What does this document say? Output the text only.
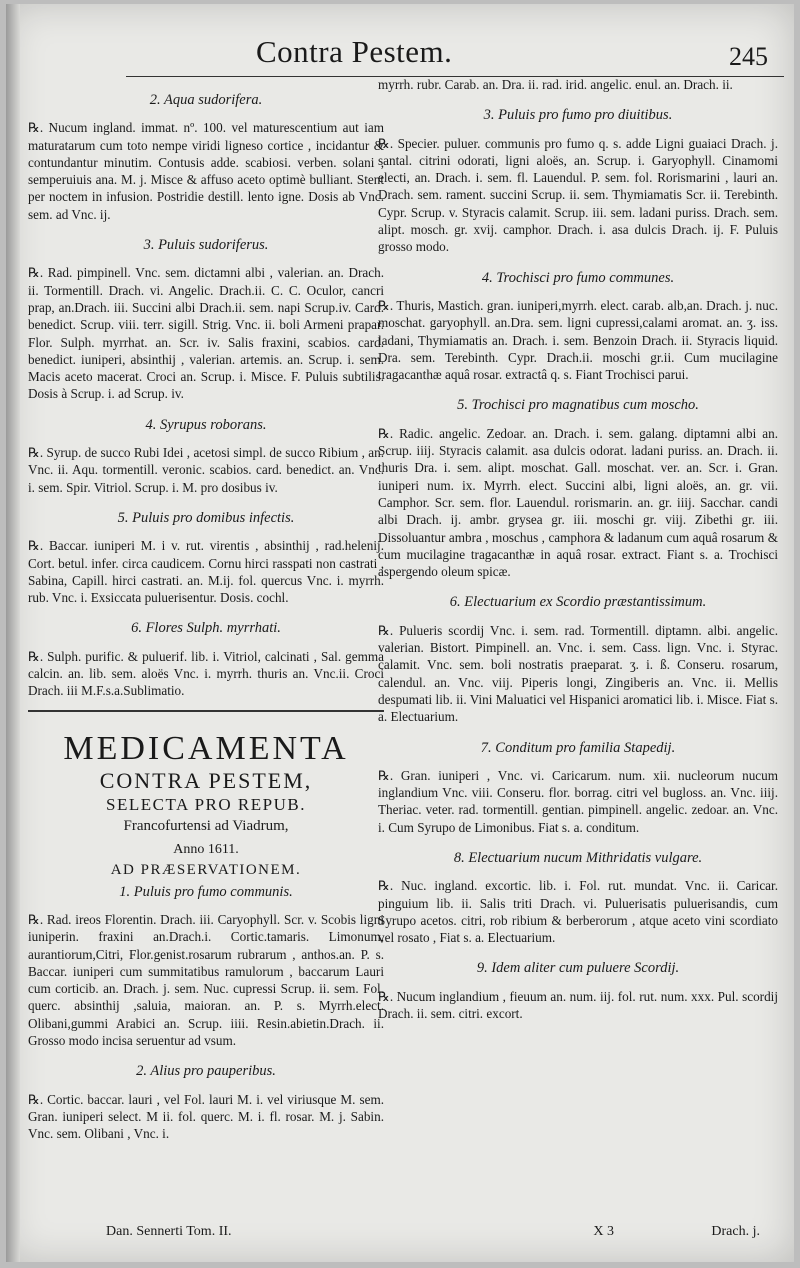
Contra Pestem.	245
2. Aqua sudorifera.

℞. Nucum ingland. immat. nº. 100. vel maturescentium aut iam maturatarum cum toto nempe viridi ligneso cortice , incidantur & contundantur minutim. Contusis adde. scabiosi. verben. solani , semperuiuis ana. M. j. Misce & affuso aceto optimè bulliant. Stent per noctem in infusion. Postridie destill. lento igne. Dosis ab Vnc. sem. ad Vnc. ij.

3. Puluis sudoriferus.

℞. Rad. pimpinell. Vnc. sem. dictamni albi , valerian. an. Drach. ii. Tormentill. Drach. vi. Angelic. Drach.ii. C. C. Oculor, cancri prap, an.Drach. iii. Succini albi Drach.ii. sem. napi Scrup.iv. Card. benedict. Scrup. viii. terr. sigill. Strig. Vnc. ii. boli Armeni prapar. Flor. Sulph. myrrhat. an. Scr. iv. Salis fraxini, scabios. card. benedict. iuniperi, absinthij , valerian. artemis. an. Scrup. i. sem. Macis aceto macerat. Croci an. Scrup. i. Misce. F. Puluis subtilis. Dosis à Scrup. i. ad Scrup. iv.

4. Syrupus roborans.

℞. Syrup. de succo Rubi Idei , acetosi simpl. de succo Ribium , an. Vnc. ii. Aqu. tormentill. veronic. scabios. card. benedict. an. Vnc. i. sem. Spir. Vitriol. Scrup. i. M. pro dosibus iv.

5. Puluis pro domibus infectis.

℞. Baccar. iuniperi M. i v. rut. virentis , absinthij , rad.helenij. Cort. betul. infer. circa caudicem. Cornu hirci rasspati non castrati , Sabina, Capill. hirci castrati. an. M.ij. fol. quercus Vnc. i. myrrh. rub. Vnc. i. Exsiccata puluerisentur. Dosis. cochl.

6. Flores Sulph. myrrhati.

℞. Sulph. purific. & puluerif. lib. i. Vitriol, calcinati , Sal. gemma calcin. an. lib. sem. aloës Vnc. i. myrrh. thuris an. Vnc.ii. Croci Drach. iii M.F.s.a.Sublimatio.

MEDICAMENTA
CONTRA PESTEM,
SELECTA PRO REPUB.
Francofurtensi ad Viadrum,
Anno 1611.
AD PRÆSERVATIONEM.
1. Puluis pro fumo communis.

℞. Rad. ireos Florentin. Drach. iii. Caryophyll. Scr. v. Scobis ligni iuniperin. fraxini an.Drach.i. Cortic.tamaris. Limonum, aurantiorum,Citri, Flor.genist.rosarum rubrarum , anthos.an. P. s. Baccar. iuniperi cum summitatibus ramulorum , baccarum Lauri cum corticib. an. Drach. j. sem. Nuc. cupressi Scrup. ii. sem. Fol. querc. absinthij ,saluia, maioran. an. P. s. Myrrh.elect. Olibani,gummi Arabici an. Scrup. iiii. Resin.abietin.Drach. ii. Grosso modo incisa seruentur ad vsum.

2. Alius pro pauperibus.

℞. Cortic. baccar. lauri , vel Fol. lauri M. i. vel viriusque M. sem. Gran. iuniperi select. M ii. fol. querc. M. i. fl. rosar. M. j. Sabin. Vnc. sem. Olibani , Vnc. i.

myrrh. rubr. Carab. an. Dra. ii. rad. irid. angelic. enul. an. Drach. ii.

3. Puluis pro fumo pro diuitibus.

℞. Specier. puluer. communis pro fumo q. s. adde Ligni guaiaci Drach. j. santal. citrini odorati, ligni aloës, an. Scrup. i. Garyophyll. Cinamomi electi, an. Drach. i. sem. fl. Lauendul. P. sem. fol. Rorismarini , lauri an. Drach. sem. rament. succini Scrup. ii. sem. Thymiamatis Scr. ii. Terebinth. Cypr. Scrup. v. Styracis calamit. Scrup. iii. sem. ladani puriss. Drach. sem. alipt. mosch. gr. xvij. camphor. Drach. i. asa dulcis Drach. ij. F. Puluis grosso modo.

4. Trochisci pro fumo communes.

℞. Thuris, Mastich. gran. iuniperi,myrrh. elect. carab. alb,an. Drach. j. nuc. moschat. garyophyll. an.Dra. sem. ligni cupressi,calami aromat. an. ʒ. iss. ladani, Thymiamatis an. Drach. i. sem. Benzoin Drach. ii. Styracis liquid. Dra. sem. Terebinth. Cypr. Drach.ii. moschi gr.ii. Cum mucilagine tragacanthæ aquâ rosar. extractâ q. s. Fiant Trochisci parui.

5. Trochisci pro magnatibus cum moscho.

℞. Radic. angelic. Zedoar. an. Drach. i. sem. galang. diptamni albi an. Scrup. iiij. Styracis calamit. asa dulcis odorat. ladani puriss. an. Drach. ii. thuris Dra. i. sem. alipt. moschat. Gall. moschat. ver. an. Scr. i. Gran. iuniperi num. ix. Myrrh. elect. Succini albi, ligni aloës, an. gr. vii. Camphor. Scr. sem. flor. Lauendul. rorismarin. an. gr. iiij. Sacchar. candi albi Drach. ij. ambr. grysea gr. iii. moschi gr. viij. Zibethi gr. iii. Dissoluantur ambra , moschus , camphora & ladanum cum aquâ rosarum & cum mucilagine tragacanthæ in aquâ rosar. extract. Fiant s. a. Trochisci aspergendo oleum spicæ.

6. Electuarium ex Scordio præstantissimum.

℞. Pulueris scordij Vnc. i. sem. rad. Tormentill. diptamn. albi. angelic. valerian. Bistort. Pimpinell. an. Vnc. i. sem. Cass. lign. Vnc. i. Styrac. calamit. Vnc. sem. boli nostratis praeparat. ʒ. i. ß. Conseru. rosarum, calendul. an. Vnc. viij. Piperis longi, Zingiberis an. Vnc. ii. Mellis despumati lib. ii. Vini Maluatici vel Hispanici aromatici lib. i. Misce. Fiat s. a. Electuarium.

7. Conditum pro familia Stapedij.

℞. Gran. iuniperi , Vnc. vi. Caricarum. num. xii. nucleorum nucum inglandium Vnc. viii. Conseru. flor. borrag. citri vel bugloss. an. Vnc. iiij. Theriac. veter. rad. tormentill. gentian. pimpinell. angelic. zedoar. an. Vnc. i. Cum Syrupo de Limonibus. Fiat s. a. conditum.

8. Electuarium nucum Mithridatis vulgare.

℞. Nuc. ingland. excortic. lib. i. Fol. rut. mundat. Vnc. ii. Caricar. pinguium lib. ii. Salis triti Drach. vi. Puluerisatis puluerisandis, cum Syrupo acetos. citri, rob ribium & berberorum , atque aceto vini scordiato vel rosato , Fiat s. a. Electuarium.

9. Idem aliter cum puluere Scordij.

℞. Nucum inglandium , fieuum an. num. iij. fol. rut. num. xxx. Pul. scordij Drach. ii. sem. citri. excort.

Dan. Sennerti Tom. II.	X 3	Drach. j.
